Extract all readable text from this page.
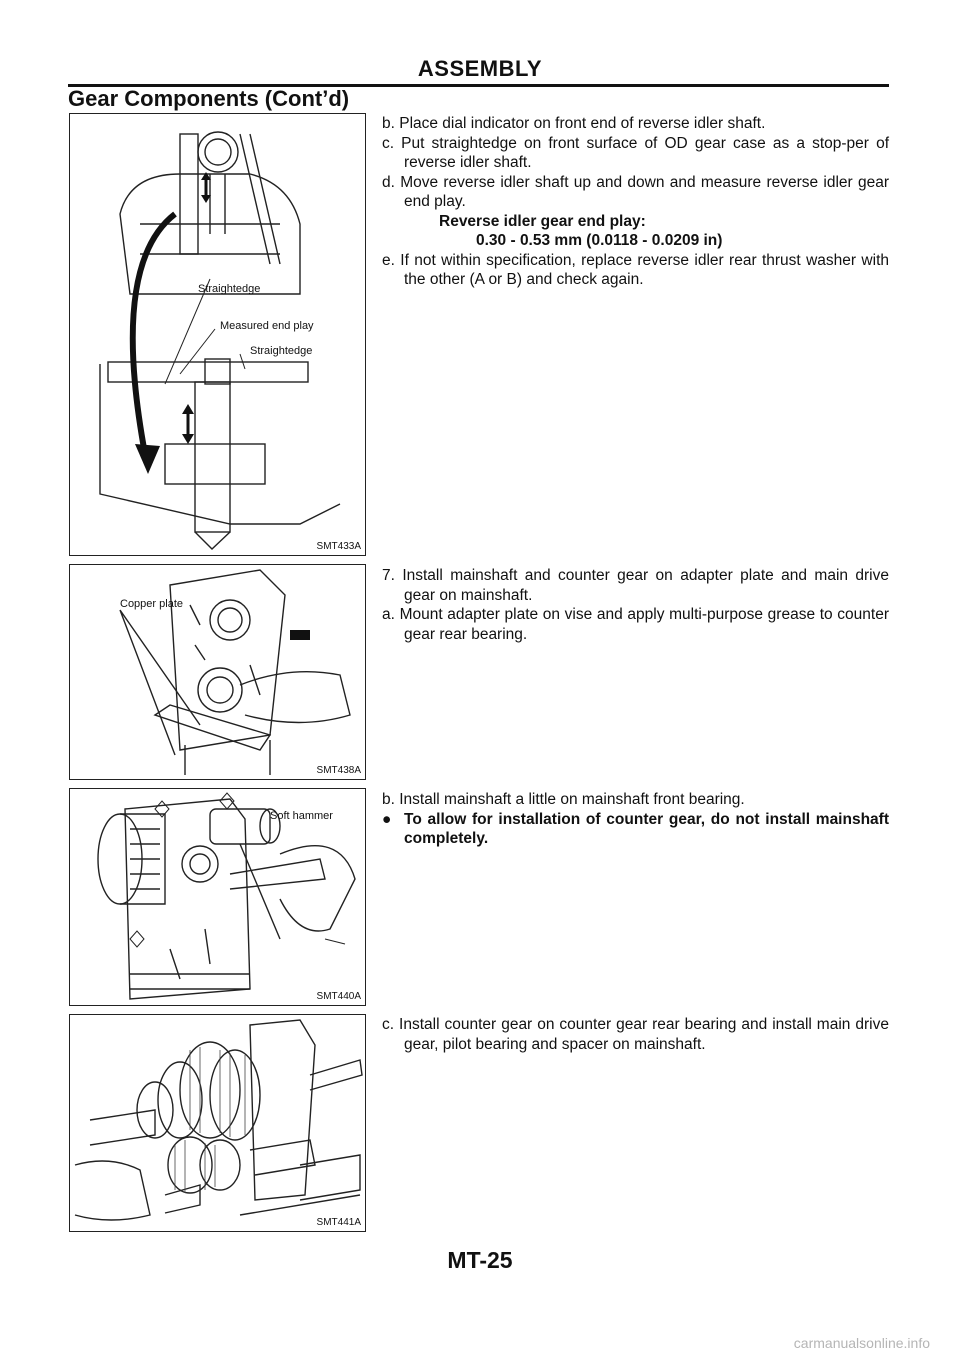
ASSEMBLY
Gear Components (Cont’d)
Straightedge
Measured end play
Straightedge
SMT433A
Copper plate
SMT438A
Soft hammer
SMT440A
SMT441A
b. Place dial indicator on front end of reverse idler shaft.
c. Put straightedge on front surface of OD gear case as a stop-per of reverse idler shaft.
d. Move reverse idler shaft up and down and measure reverse idler gear end play.
Reverse idler gear end play:
0.30 - 0.53 mm (0.0118 - 0.0209 in)
e. If not within specification, replace reverse idler rear thrust washer with the other (A or B) and check again.
7. Install mainshaft and counter gear on adapter plate and main drive gear on mainshaft.
a. Mount adapter plate on vise and apply multi-purpose grease to counter gear rear bearing.
b. Install mainshaft a little on mainshaft front bearing.
● To allow for installation of counter gear, do not install mainshaft completely.
c. Install counter gear on counter gear rear bearing and install main drive gear, pilot bearing and spacer on mainshaft.
MT-25
carmanualsonline.info
